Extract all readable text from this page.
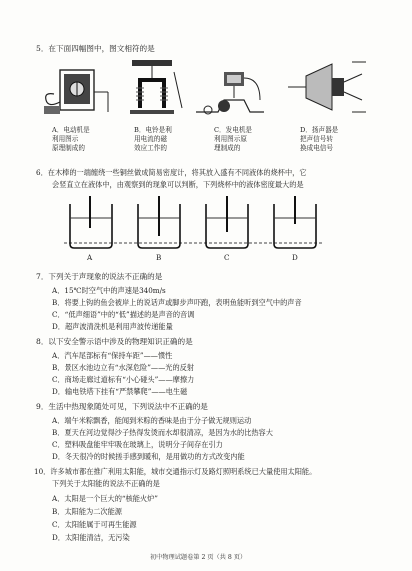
5．在下面四幅图中，图文相符的是
A．电动机是
利用图示
原理制成的
B．电铃是利
用电流的磁
效应工作的
C．发电机是
利用图示原
理制成的
D．扬声器是
把声信号转
换成电信号
6．在木棒的一端缠绕一些铜丝做成简易密度计，将其放入盛有不同液体的烧杯中，它
会竖直立在液体中，由观察到的现象可以判断，下列烧杯中的液体密度最大的是
A	B	C	D
7．下列关于声现象的说法不正确的是
A．15℃时空气中的声速是340m/s
B．将要上钩的鱼会被岸上的说话声或脚步声吓跑，表明鱼能听到空气中的声音
C．“低声细语”中的“低”描述的是声音的音调
D．超声波清洗机是利用声波传递能量
8．以下安全警示语中涉及的物理知识正确的是
A．汽车尾部标有“保持车距”——惯性
B．景区水池边立有“水深危险”——光的反射
C．商场走廊过道标有“小心碰头”——摩擦力
D．输电铁塔下挂有“严禁攀爬”——电生磁
9．生活中热现象随处可见，下列说法中不正确的是
A．端午米粽飘香，能闻到米粽的香味是由于分子做无规则运动
B．夏天在河边觉得沙子热得发烫而水却很清凉，是因为水的比热容大
C．塑料吸盘能牢牢吸在玻璃上，说明分子间存在引力
D．冬天很冷的时候搓手感到暖和，是用做功的方式改变内能
10．许多城市都在推广利用太阳能，城市交通指示灯及路灯照明系统已大量使用太阳能。
下列关于太阳能的说法不正确的是
A．太阳是一个巨大的“核能火炉”
B．太阳能为二次能源
C．太阳能属于可再生能源
D．太阳能清洁，无污染
初中物理试题卷第 2 页（共 8 页）
